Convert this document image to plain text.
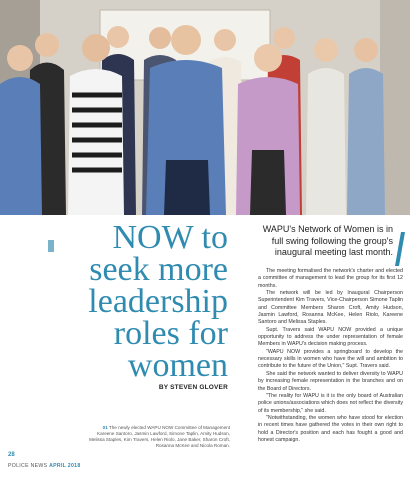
NOW to
seek more
leadership
roles for
women
BY STEVEN GLOVER
01 The newly elected WAPU NOW Committee of Management Kareene Santoro, Jasmin Lawford, Simone Taplin, Amity Hudson, Melissa Staples, Kim Travers, Helen Riolo, Jane Baker, Sharon Croft, Rosanna McKee and Nicola Roman.
WAPU's Network of Women is in full swing following the group's inaugural meeting last month.

The meeting formalised the network's charter and elected a committee of management to lead the group for its first 12 months.

The network will be led by Inaugural Chairperson Superintendent Kim Travers, Vice-Chairperson Simone Taplin and Committee Members Sharon Croft, Amity Hudson, Jasmin Lawford, Rosanna McKee, Helen Riolo, Kareene Santoro and Melissa Staples.

Supt. Travers said WAPU NOW provided a unique opportunity to address the under representation of female Members in WAPU's decision making process.

"WAPU NOW provides a springboard to develop the necessary skills in women who have the will and ambition to contribute to the future of the Union," Supt. Travers said.

She said the network wanted to deliver diversity to WAPU by increasing female representation in the branches and on the Board of Directors.

"The reality for WAPU is it is the only board of Australian police unions/associations which does not reflect the diversity of its membership," she said.

"Notwithstanding, the women who have stood for election in recent times have gathered the votes in their own right to hold a Director's position and each has fought a good and honest campaign.

28
POLICE NEWS APRIL 2018
